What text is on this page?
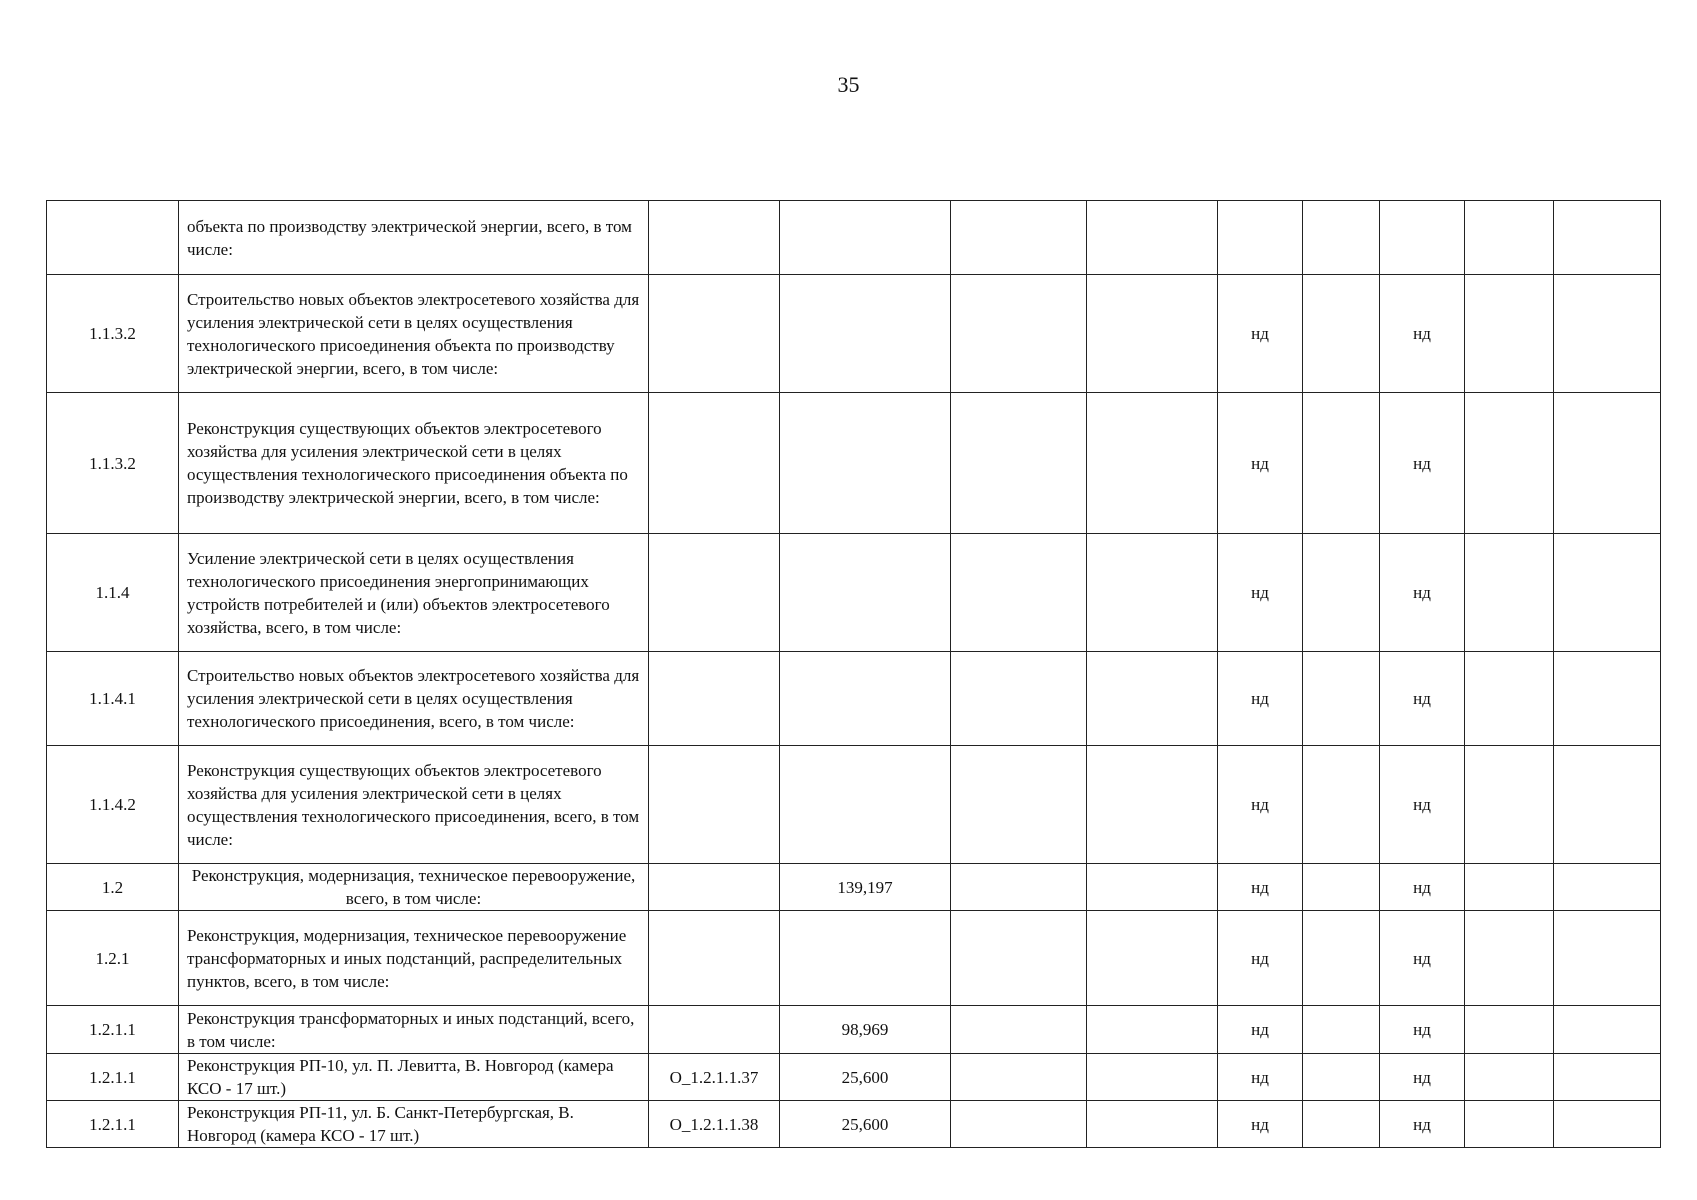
35
	объекта по производству электрической энергии, всего, в том числе:									
1.1.3.2	Строительство новых объектов электросетевого хозяйства для усиления электрической сети в целях осуществления технологического присоединения объекта по производству электрической энергии, всего, в том числе:					нд		нд		
1.1.3.2	Реконструкция существующих объектов электросетевого хозяйства для усиления электрической сети в целях осуществления технологического присоединения объекта по производству электрической энергии, всего, в том числе:					нд		нд		
1.1.4	Усиление электрической сети в целях осуществления технологического присоединения энергопринимающих устройств потребителей и (или) объектов электросетевого хозяйства, всего, в том числе:					нд		нд		
1.1.4.1	Строительство новых объектов электросетевого хозяйства для усиления электрической сети в целях осуществления технологического присоединения, всего, в том числе:					нд		нд		
1.1.4.2	Реконструкция существующих объектов электросетевого хозяйства для усиления электрической сети в целях осуществления технологического присоединения, всего, в том числе:					нд		нд		
1.2	Реконструкция, модернизация, техническое перевооружение, всего, в том числе:		139,197			нд		нд		
1.2.1	Реконструкция, модернизация, техническое перевооружение трансформаторных и иных подстанций, распределительных пунктов, всего, в том числе:					нд		нд		
1.2.1.1	Реконструкция трансформаторных и иных подстанций, всего, в том числе:		98,969			нд		нд		
1.2.1.1	Реконструкция РП-10, ул. П. Левитта, В. Новгород (камера КСО - 17 шт.)	О_1.2.1.1.37	25,600			нд		нд		
1.2.1.1	Реконструкция РП-11, ул. Б. Санкт-Петербургская, В. Новгород (камера КСО - 17 шт.)	О_1.2.1.1.38	25,600			нд		нд		
